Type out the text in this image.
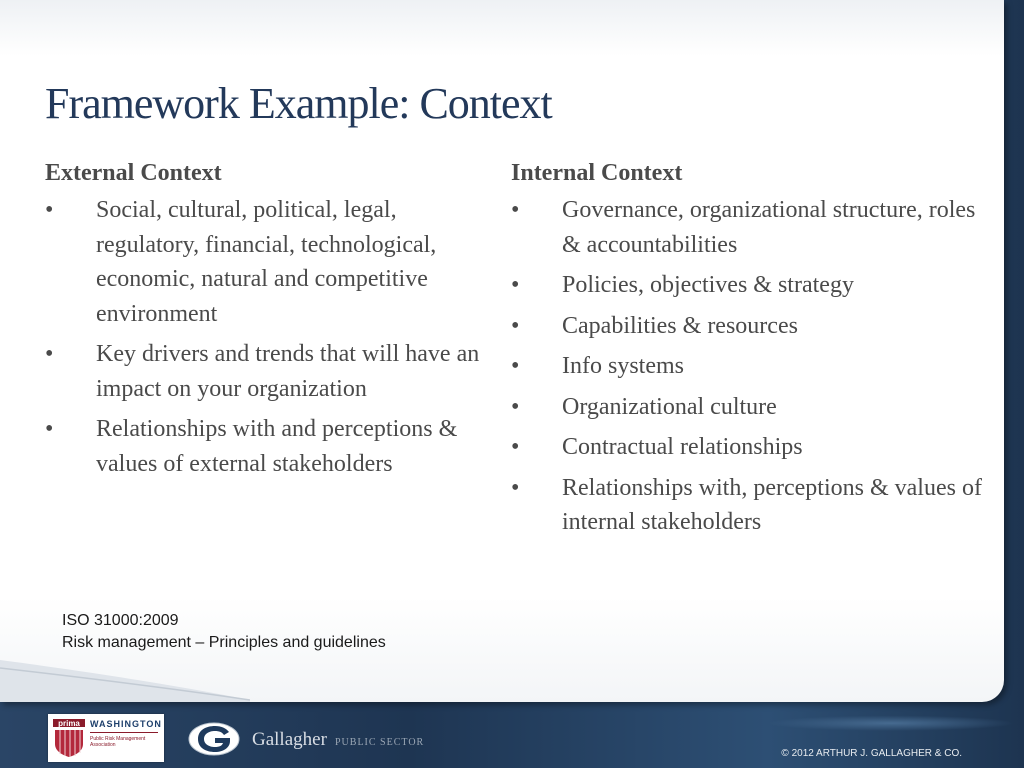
Framework Example: Context
External Context
•	Social, cultural, political, legal, regulatory, financial, technological, economic, natural and competitive environment
•	Key drivers and trends that will have an impact on your organization
•	Relationships with and perceptions & values of external stakeholders
Internal Context
•	Governance, organizational structure, roles & accountabilities
•	Policies, objectives & strategy
•	Capabilities & resources
•	Info systems
•	Organizational culture
•	Contractual relationships
•	Relationships with, perceptions & values of internal stakeholders
ISO 31000:2009
Risk management – Principles and guidelines
prima WASHINGTON
Public Risk Management Association	Gallagher PUBLIC SECTOR
© 2012 ARTHUR J. GALLAGHER & CO.
